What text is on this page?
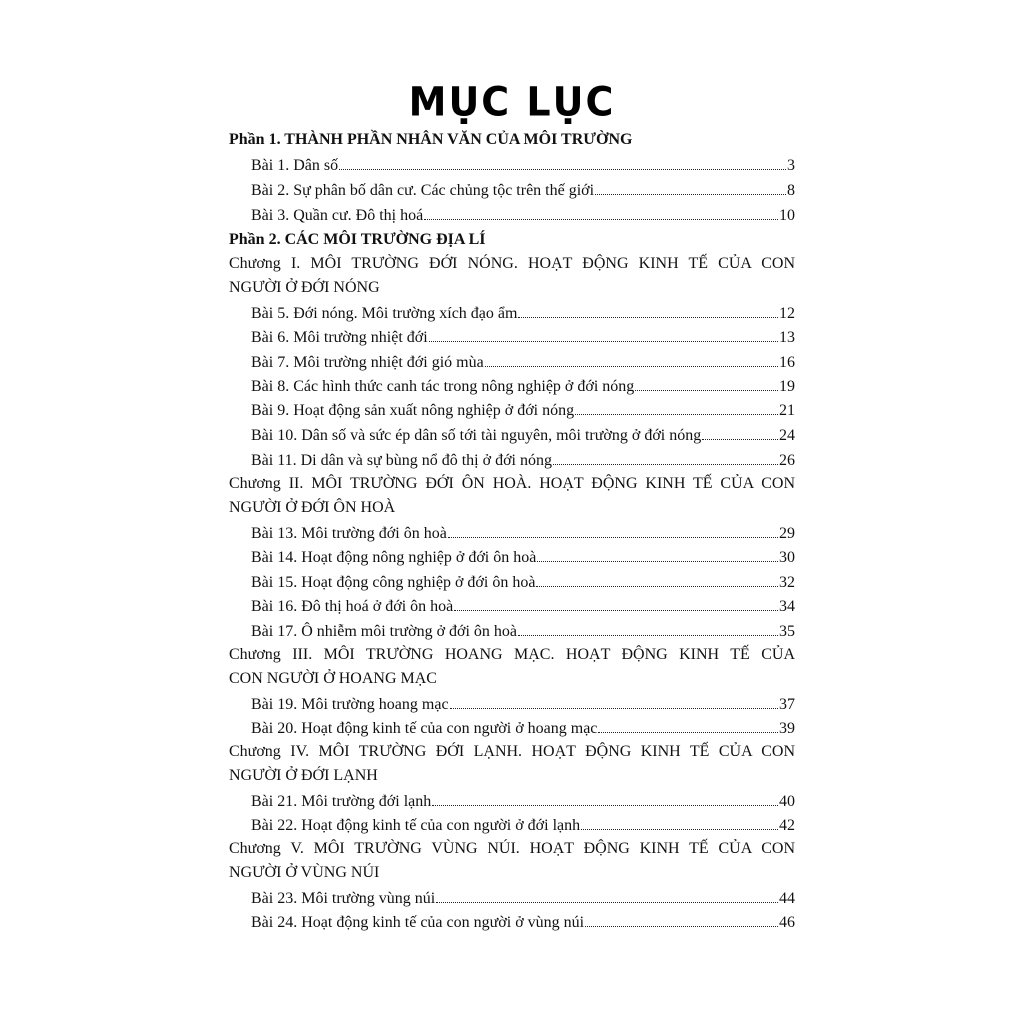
MỤC LỤC
Phần 1. THÀNH PHẦN NHÂN VĂN CỦA MÔI TRƯỜNG
Bài 1. Dân số	3
Bài 2. Sự phân bố dân cư. Các chủng tộc trên thế giới	8
Bài 3. Quần cư. Đô thị hoá	10
Phần 2. CÁC MÔI TRƯỜNG ĐỊA LÍ
Chương I. MÔI TRƯỜNG ĐỚI NÓNG. HOẠT ĐỘNG KINH TẾ CỦA CON
NGƯỜI Ở ĐỚI NÓNG
Bài 5. Đới nóng. Môi trường xích đạo ẩm	12
Bài 6. Môi trường nhiệt đới	13
Bài 7. Môi trường nhiệt đới gió mùa	16
Bài 8. Các hình thức canh tác trong nông nghiệp ở đới nóng	19
Bài 9. Hoạt động sản xuất nông nghiệp ở đới nóng	21
Bài 10. Dân số và sức ép dân số tới tài nguyên, môi trường ở đới nóng	24
Bài 11. Di dân và sự bùng nổ đô thị ở đới nóng	26
Chương II. MÔI TRƯỜNG ĐỚI ÔN HOÀ. HOẠT ĐỘNG KINH TẾ CỦA CON
NGƯỜI Ở ĐỚI ÔN HOÀ
Bài 13. Môi trường đới ôn hoà	29
Bài 14. Hoạt động nông nghiệp ở đới ôn hoà	30
Bài 15. Hoạt động công nghiệp ở đới ôn hoà	32
Bài 16. Đô thị hoá ở đới ôn hoà	34
Bài 17. Ô nhiễm môi trường ở đới ôn hoà	35
Chương III. MÔI TRƯỜNG HOANG MẠC. HOẠT ĐỘNG KINH TẾ CỦA
CON NGƯỜI Ở HOANG MẠC
Bài 19. Môi trường hoang mạc	37
Bài 20. Hoạt động kinh tế của con người ở hoang mạc	39
Chương IV. MÔI TRƯỜNG ĐỚI LẠNH. HOẠT ĐỘNG KINH TẾ CỦA CON
NGƯỜI Ở ĐỚI LẠNH
Bài 21. Môi trường đới lạnh	40
Bài 22. Hoạt động kinh tế của con người ở đới lạnh	42
Chương V. MÔI TRƯỜNG VÙNG NÚI. HOẠT ĐỘNG KINH TẾ CỦA CON
NGƯỜI Ở VÙNG NÚI
Bài 23. Môi trường vùng núi	44
Bài 24. Hoạt động kinh tế của con người ở vùng núi	46
